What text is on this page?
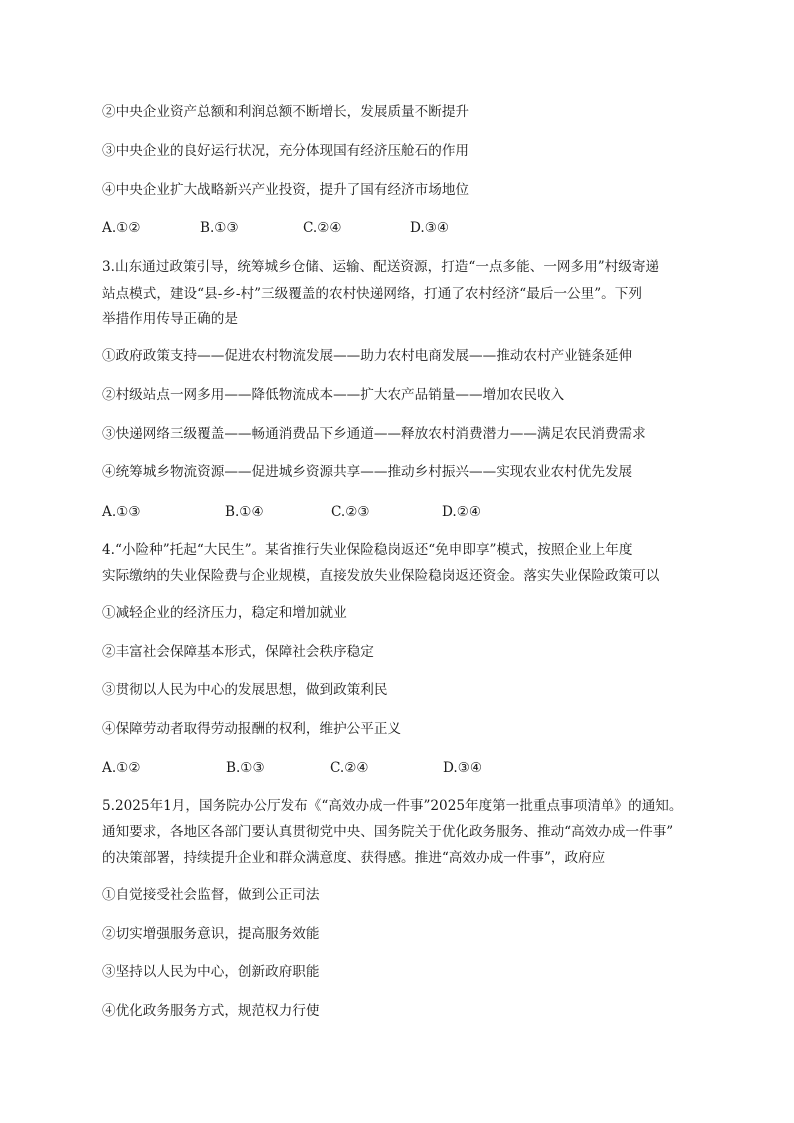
②中央企业资产总额和利润总额不断增长，发展质量不断提升
③中央企业的良好运行状况，充分体现国有经济压舱石的作用
④中央企业扩大战略新兴产业投资，提升了国有经济市场地位
A.①②	B.①③	C.②④	D.③④
3.山东通过政策引导，统筹城乡仓储、运输、配送资源，打造“一点多能、一网多用”村级寄递
站点模式，建设“县-乡-村”三级覆盖的农村快递网络，打通了农村经济“最后一公里”。下列
举措作用传导正确的是
①政府政策支持——促进农村物流发展——助力农村电商发展——推动农村产业链条延伸
②村级站点一网多用——降低物流成本——扩大农产品销量——增加农民收入
③快递网络三级覆盖——畅通消费品下乡通道——释放农村消费潜力——满足农民消费需求
④统筹城乡物流资源——促进城乡资源共享——推动乡村振兴——实现农业农村优先发展
A.①③	B.①④	C.②③	D.②④
4.“小险种”托起“大民生”。某省推行失业保险稳岗返还“免申即享”模式，按照企业上年度
实际缴纳的失业保险费与企业规模，直接发放失业保险稳岗返还资金。落实失业保险政策可以
①减轻企业的经济压力，稳定和增加就业
②丰富社会保障基本形式，保障社会秩序稳定
③贯彻以人民为中心的发展思想，做到政策利民
④保障劳动者取得劳动报酬的权利，维护公平正义
A.①②	B.①③	C.②④	D.③④
5.2025年1月，国务院办公厅发布《“高效办成一件事”2025年度第一批重点事项清单》的通知。
通知要求，各地区各部门要认真贯彻党中央、国务院关于优化政务服务、推动“高效办成一件事”
的决策部署，持续提升企业和群众满意度、获得感。推进“高效办成一件事”，政府应
①自觉接受社会监督，做到公正司法
②切实增强服务意识，提高服务效能
③坚持以人民为中心，创新政府职能
④优化政务服务方式，规范权力行使
